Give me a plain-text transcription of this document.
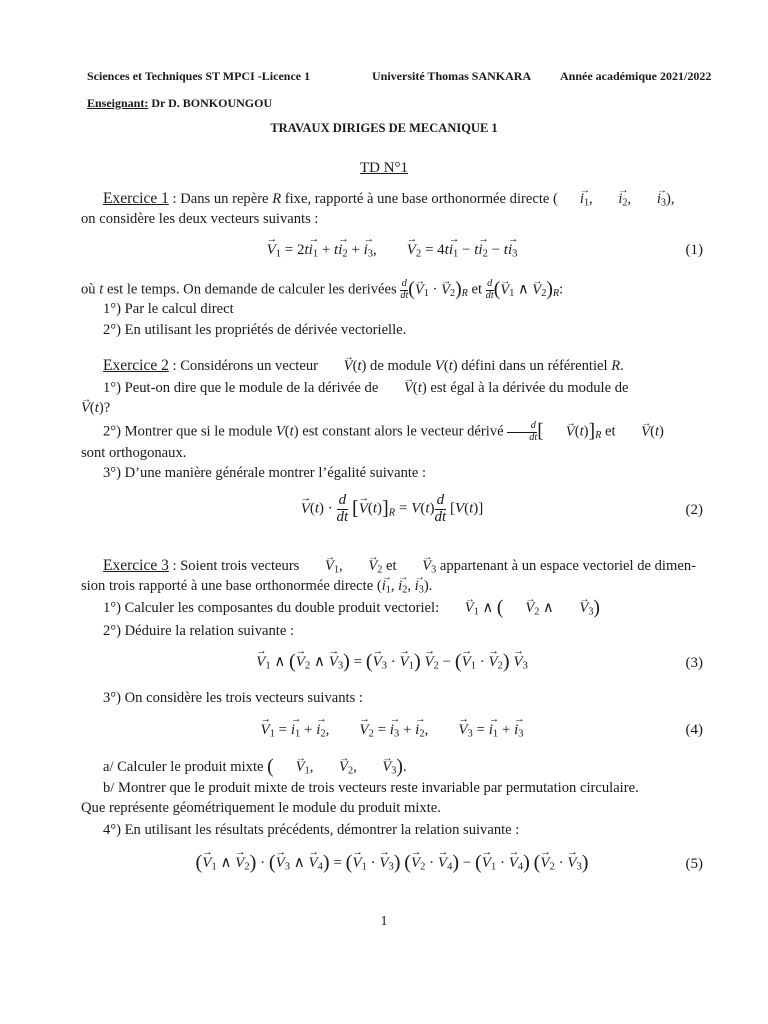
Sciences et Techniques ST MPCI -Licence 1	Université Thomas SANKARA Année académique 2021/2022
Enseignant: Dr D. BONKOUNGOU
TRAVAUX DIRIGES DE MECANIQUE 1
TD N°1
Exercice 1 : Dans un repère R fixe, rapporté à une base orthonormée directe ( → $i_1$, → $i_2$, → $i_3$),
on considère les deux vecteurs suivants :
→ $V_1 = 2t\to i_1 + t\to i_2$ + → $i_3$,        → $V_2 = 4t\to i_1 - t\to i_2 - t\to i_3$	(1)
où t est le temps. On demande de calculer les derivées $\frac{d}{dt}$ (→ $V_1$ · → $V_2)_R$ et $\frac{d}{dt}$ (→ $V_1$ ∧ → $V_2)_R$:
1°) Par le calcul direct
2°) En utilisant les propriétés de dérivée vectorielle.
Exercice 2 : Considérons un vecteur → V(t) de module V(t) défini dans un référentiel R.
1°) Peut-on dire que le module de la dérivée de → V(t) est égal à la dérivée du module de
→ V(t)?
2°) Montrer que si le module V(t) est constant alors le vecteur dérivé $\frac{d}{dt}$ [ → $V(t)]_R$ et → V(t)
sont orthogonaux.
3°) D’une manière générale montrer l’égalité suivante :
→ $V(t) \cdot \frac{d}{dt}$ [→ $V(t)]_R = V(t) \frac{d}{dt} [V(t)]$	(2)
Exercice 3 : Soient trois vecteurs → $V_1$, → $V_2$ et → $V_3$ appartenant à un espace vectoriel de dimen-
sion trois rapporté à une base orthonormée directe (→ $i_1$, → $i_2$, → $i_3$).
1°) Calculer les composantes du double produit vectoriel: → $V_1$ ∧ ( → $V_2$ ∧ → $V_3$)
2°) Déduire la relation suivante :
→ $V_1$ ∧ (→ $V_2$ ∧ → $V_3$) = (→ $V_3$ · → $V_1) \to V_2$ − (→ $V_1$ · → $V_2) \to V_3$	(3)
3°) On considère les trois vecteurs suivants :
→ $V_1$ = → $i_1$ + → $i_2$,        → $V_2$ = → $i_3$ + → $i_2$,        → $V_3$ = → $i_1$ + → $i_3$	(4)
a/ Calculer le produit mixte ( → $V_1$, → $V_2$, → $V_3$).
b/ Montrer que le produit mixte de trois vecteurs reste invariable par permutation circulaire.
Que représente géométriquement le module du produit mixte.
4°) En utilisant les résultats précédents, démontrer la relation suivante :
(→ $V_1$ ∧ → $V_2$) · (→ $V_3$ ∧ → $V_4$) = (→ $V_1$ · → $V_3$) (→ $V_2$ · → $V_4$) − (→ $V_1$ · → $V_4$) (→ $V_2$ · → $V_3$)	(5)
1
